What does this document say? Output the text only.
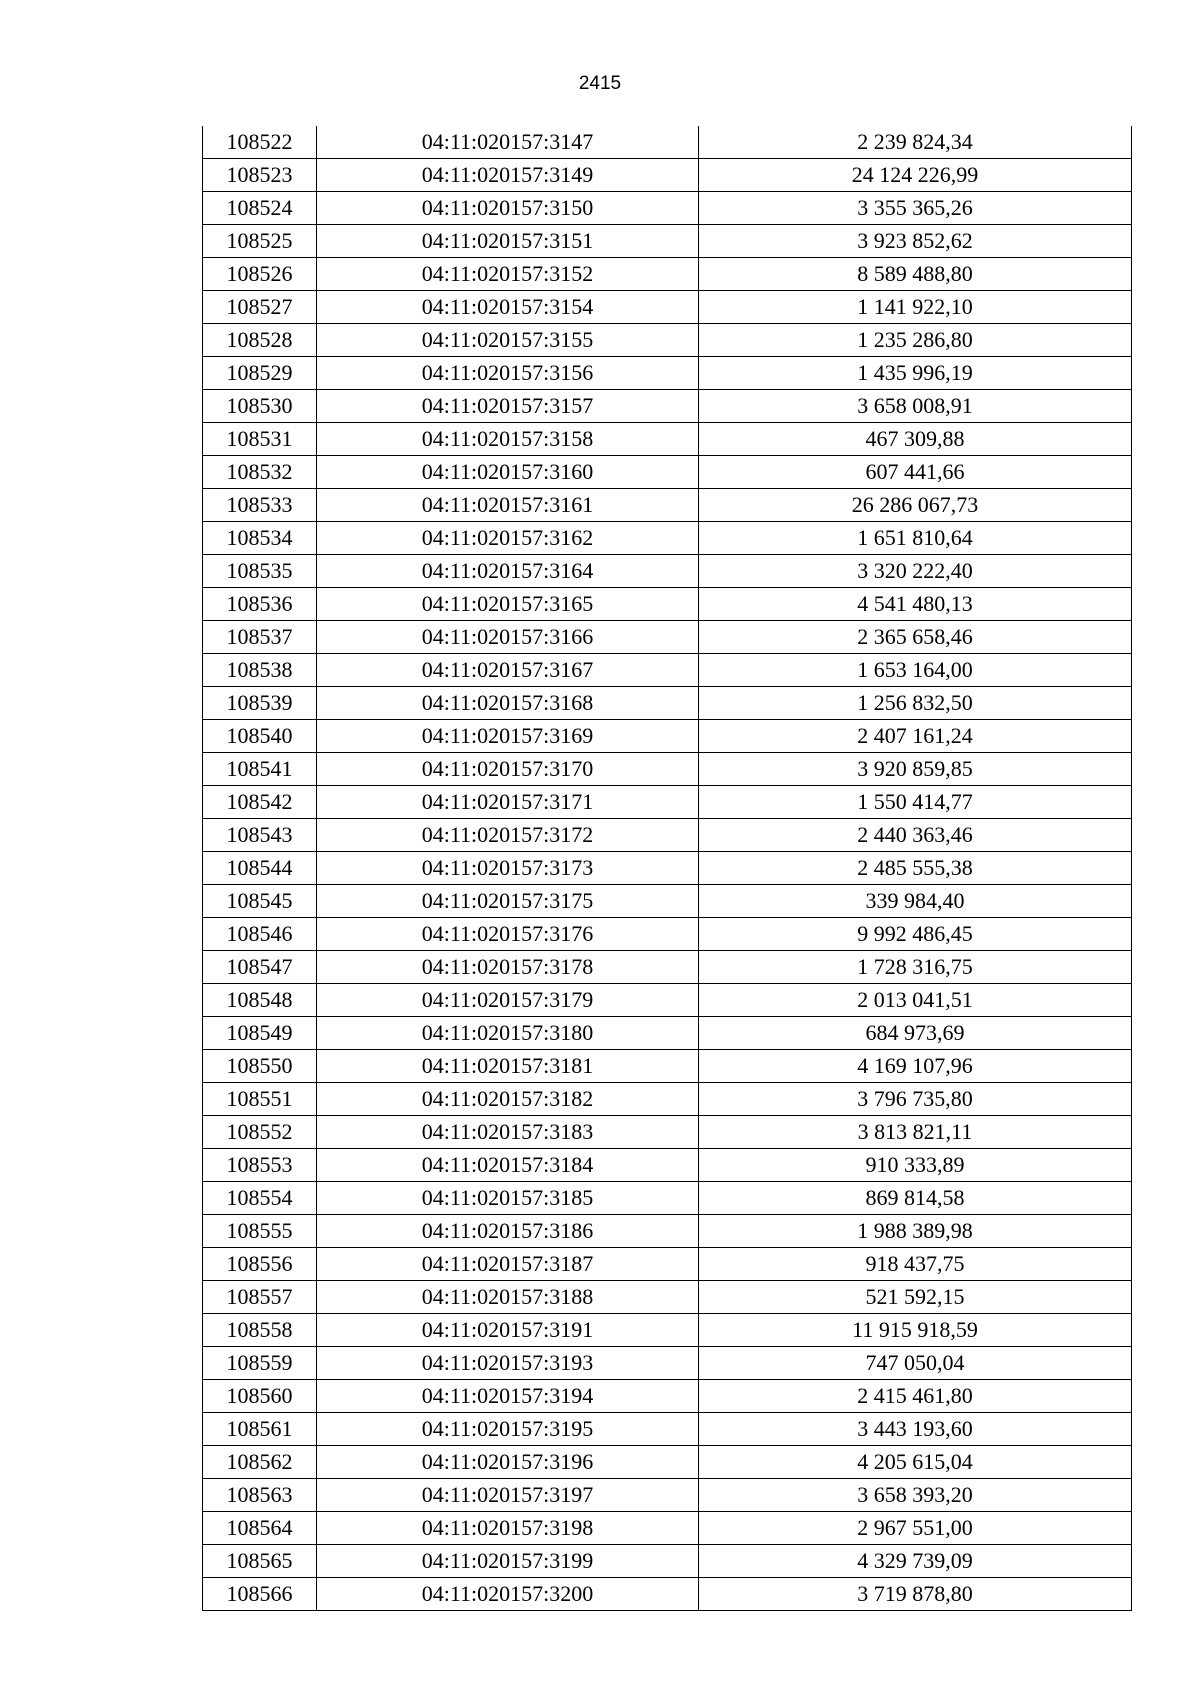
2415
108522	04:11:020157:3147	2 239 824,34
108523	04:11:020157:3149	24 124 226,99
108524	04:11:020157:3150	3 355 365,26
108525	04:11:020157:3151	3 923 852,62
108526	04:11:020157:3152	8 589 488,80
108527	04:11:020157:3154	1 141 922,10
108528	04:11:020157:3155	1 235 286,80
108529	04:11:020157:3156	1 435 996,19
108530	04:11:020157:3157	3 658 008,91
108531	04:11:020157:3158	467 309,88
108532	04:11:020157:3160	607 441,66
108533	04:11:020157:3161	26 286 067,73
108534	04:11:020157:3162	1 651 810,64
108535	04:11:020157:3164	3 320 222,40
108536	04:11:020157:3165	4 541 480,13
108537	04:11:020157:3166	2 365 658,46
108538	04:11:020157:3167	1 653 164,00
108539	04:11:020157:3168	1 256 832,50
108540	04:11:020157:3169	2 407 161,24
108541	04:11:020157:3170	3 920 859,85
108542	04:11:020157:3171	1 550 414,77
108543	04:11:020157:3172	2 440 363,46
108544	04:11:020157:3173	2 485 555,38
108545	04:11:020157:3175	339 984,40
108546	04:11:020157:3176	9 992 486,45
108547	04:11:020157:3178	1 728 316,75
108548	04:11:020157:3179	2 013 041,51
108549	04:11:020157:3180	684 973,69
108550	04:11:020157:3181	4 169 107,96
108551	04:11:020157:3182	3 796 735,80
108552	04:11:020157:3183	3 813 821,11
108553	04:11:020157:3184	910 333,89
108554	04:11:020157:3185	869 814,58
108555	04:11:020157:3186	1 988 389,98
108556	04:11:020157:3187	918 437,75
108557	04:11:020157:3188	521 592,15
108558	04:11:020157:3191	11 915 918,59
108559	04:11:020157:3193	747 050,04
108560	04:11:020157:3194	2 415 461,80
108561	04:11:020157:3195	3 443 193,60
108562	04:11:020157:3196	4 205 615,04
108563	04:11:020157:3197	3 658 393,20
108564	04:11:020157:3198	2 967 551,00
108565	04:11:020157:3199	4 329 739,09
108566	04:11:020157:3200	3 719 878,80
